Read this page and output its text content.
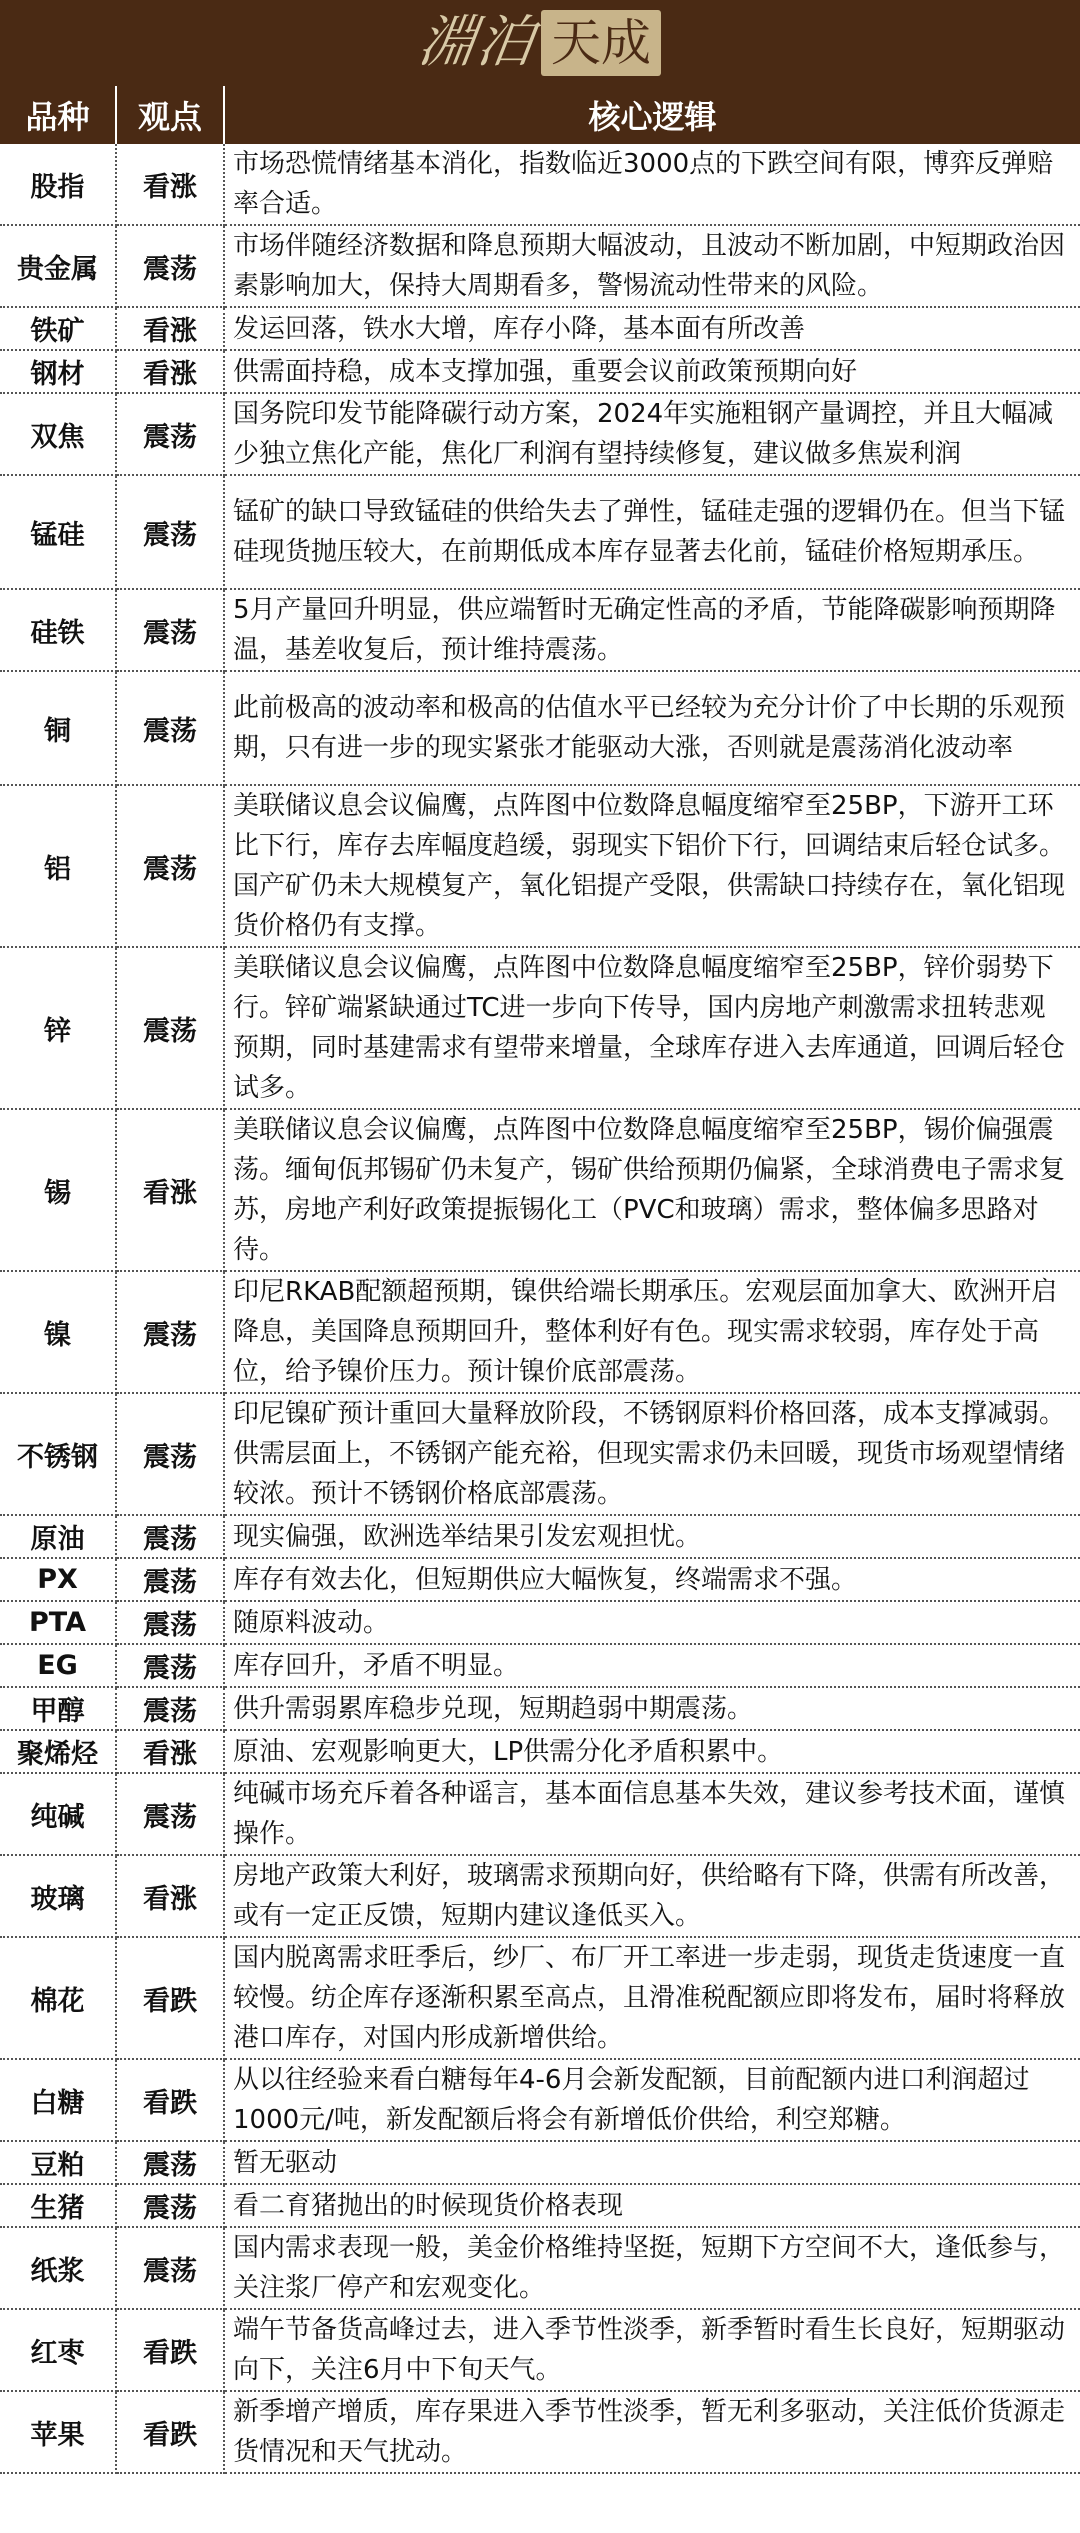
淵泊 天成
品种	观点	核心逻辑
股指	看涨	市场恐慌情绪基本消化，指数临近3000点的下跌空间有限，博弈反弹赔率合适。
贵金属	震荡	市场伴随经济数据和降息预期大幅波动，且波动不断加剧，中短期政治因素影响加大，保持大周期看多，警惕流动性带来的风险。
铁矿	看涨	发运回落，铁水大增，库存小降，基本面有所改善
钢材	看涨	供需面持稳，成本支撑加强，重要会议前政策预期向好
双焦	震荡	国务院印发节能降碳行动方案，2024年实施粗钢产量调控，并且大幅减少独立焦化产能，焦化厂利润有望持续修复，建议做多焦炭利润
锰硅	震荡	锰矿的缺口导致锰硅的供给失去了弹性，锰硅走强的逻辑仍在。但当下锰硅现货抛压较大，在前期低成本库存显著去化前，锰硅价格短期承压。
硅铁	震荡	5月产量回升明显，供应端暂时无确定性高的矛盾，节能降碳影响预期降温，基差收复后，预计维持震荡。
铜	震荡	此前极高的波动率和极高的估值水平已经较为充分计价了中长期的乐观预期，只有进一步的现实紧张才能驱动大涨，否则就是震荡消化波动率
铝	震荡	美联储议息会议偏鹰，点阵图中位数降息幅度缩窄至25BP，下游开工环比下行，库存去库幅度趋缓，弱现实下铝价下行，回调结束后轻仓试多。国产矿仍未大规模复产，氧化铝提产受限，供需缺口持续存在，氧化铝现货价格仍有支撑。
锌	震荡	美联储议息会议偏鹰，点阵图中位数降息幅度缩窄至25BP，锌价弱势下行。锌矿端紧缺通过TC进一步向下传导，国内房地产刺激需求扭转悲观预期，同时基建需求有望带来增量，全球库存进入去库通道，回调后轻仓试多。
锡	看涨	美联储议息会议偏鹰，点阵图中位数降息幅度缩窄至25BP，锡价偏强震荡。缅甸佤邦锡矿仍未复产，锡矿供给预期仍偏紧，全球消费电子需求复苏，房地产利好政策提振锡化工（PVC和玻璃）需求，整体偏多思路对待。
镍	震荡	印尼RKAB配额超预期，镍供给端长期承压。宏观层面加拿大、欧洲开启降息，美国降息预期回升，整体利好有色。现实需求较弱，库存处于高位，给予镍价压力。预计镍价底部震荡。
不锈钢	震荡	印尼镍矿预计重回大量释放阶段，不锈钢原料价格回落，成本支撑减弱。供需层面上，不锈钢产能充裕，但现实需求仍未回暖，现货市场观望情绪较浓。预计不锈钢价格底部震荡。
原油	震荡	现实偏强，欧洲选举结果引发宏观担忧。
PX	震荡	库存有效去化，但短期供应大幅恢复，终端需求不强。
PTA	震荡	随原料波动。
EG	震荡	库存回升，矛盾不明显。
甲醇	震荡	供升需弱累库稳步兑现，短期趋弱中期震荡。
聚烯烃	看涨	原油、宏观影响更大，LP供需分化矛盾积累中。
纯碱	震荡	纯碱市场充斥着各种谣言，基本面信息基本失效，建议参考技术面，谨慎操作。
玻璃	看涨	房地产政策大利好，玻璃需求预期向好，供给略有下降，供需有所改善，或有一定正反馈，短期内建议逢低买入。
棉花	看跌	国内脱离需求旺季后，纱厂、布厂开工率进一步走弱，现货走货速度一直较慢。纺企库存逐渐积累至高点，且滑准税配额应即将发布，届时将释放港口库存，对国内形成新增供给。
白糖	看跌	从以往经验来看白糖每年4-6月会新发配额，目前配额内进口利润超过1000元/吨，新发配额后将会有新增低价供给，利空郑糖。
豆粕	震荡	暂无驱动
生猪	震荡	看二育猪抛出的时候现货价格表现
纸浆	震荡	国内需求表现一般，美金价格维持坚挺，短期下方空间不大，逢低参与，关注浆厂停产和宏观变化。
红枣	看跌	端午节备货高峰过去，进入季节性淡季，新季暂时看生长良好，短期驱动向下，关注6月中下旬天气。
苹果	看跌	新季增产增质，库存果进入季节性淡季，暂无利多驱动，关注低价货源走货情况和天气扰动。
